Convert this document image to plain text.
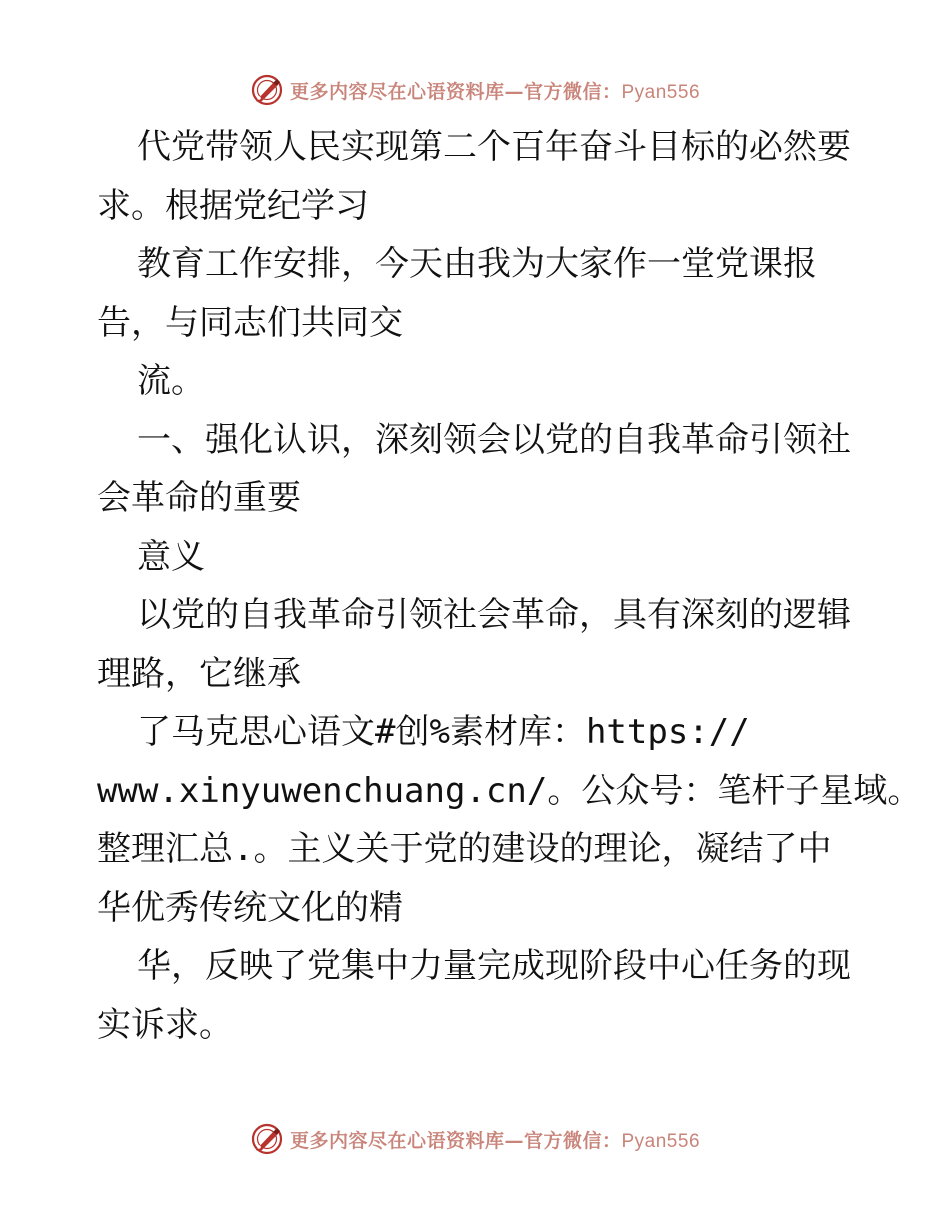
更多内容尽在心语资料库—官方微信：Pyan556
代党带领人民实现第二个百年奋斗目标的必然要
求。根据党纪学习
教育工作安排，今天由我为大家作一堂党课报
告，与同志们共同交
流。
一、强化认识，深刻领会以党的自我革命引领社
会革命的重要
意义
以党的自我革命引领社会革命，具有深刻的逻辑
理路，它继承
了马克思心语文#创%素材库：https://
www.xinyuwenchuang.cn/。公众号：笔杆子星域。
整理汇总.。主义关于党的建设的理论，凝结了中
华优秀传统文化的精
华，反映了党集中力量完成现阶段中心任务的现
实诉求。
更多内容尽在心语资料库—官方微信：Pyan556
